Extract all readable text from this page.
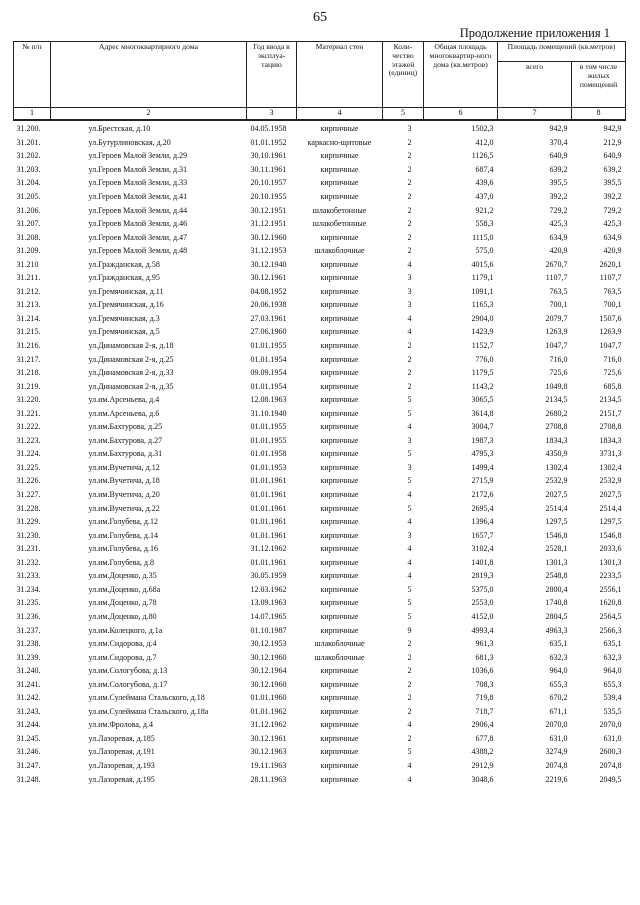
65
Продолжение приложения 1
№ п/п	Адрес многоквартирного дома	Год ввода в эксплуа-тацию	Материал стен	Коли-чество этажей (единиц)	Общая площадь многоквартир-ного дома (кв.метров)	Площадь помещений (кв.метров)	
						всего	в том числе жилых помещений
1	2	3	4	5	6	7	8
31.200.	ул.Брестская, д.10	04.05.1958	кирпичные	3	1502,3	942,9	942,9
31.201.	ул.Бутурлиновская, д.20	01.01.1952	каркасно-щитовые	2	412,0	370,4	212,9
31.202.	ул.Героев Малой Земли, д.29	30.10.1961	кирпичные	2	1126,5	640,9	640,9
31.203.	ул.Героев Малой Земли, д.31	30.11.1961	кирпичные	2	687,4	639,2	639,2
31.204.	ул.Героев Малой Земли, д.33	20.10.1957	кирпичные	2	439,6	395,5	395,5
31.205.	ул.Героев Малой Земли, д.41	20.10.1955	кирпичные	2	437,0	392,2	392,2
31.206.	ул.Героев Малой Земли, д.44	30.12.1951	шлакобетонные	2	921,2	729,2	729,2
31.207.	ул.Героев Малой Земли, д.46	31.12.1951	шлакобетонные	2	558,3	425,3	425,3
31.208.	ул.Героев Малой Земли, д.47	30.12.1960	кирпичные	2	1115,0	634,9	634,9
31.209.	ул.Героев Малой Земли, д.48	31.12.1953	шлакоблочные	2	575,0	420,9	420,9
31.210	ул.Гражданская, д.58	30.12.1940	кирпичные	4	4015,6	2670,7	2620,1
31.211.	ул.Гражданская, д.95	30.12.1961	кирпичные	3	1179,1	1107,7	1107,7
31.212.	ул.Гремячинская, д.11	04.08.1952	кирпичные	3	1091,1	763,5	763,5
31.213.	ул.Гремячинская, д.16	20.06.1938	кирпичные	3	1165,3	700,1	700,1
31.214.	ул.Гремячинская, д.3	27.03.1961	кирпичные	4	2904,0	2079,7	1507,6
31.215.	ул.Гремячинская, д.5	27.06.1960	кирпичные	4	1423,9	1263,9	1263,9
31.216.	ул.Динамовская 2-я, д.18	01.01.1955	кирпичные	2	1152,7	1047,7	1047,7
31.217.	ул.Динамовская 2-я, д.25	01.01.1954	кирпичные	2	776,0	716,0	716,0
31.218.	ул.Динамовская 2-я, д.33	09.09.1954	кирпичные	2	1179,5	725,6	725,6
31.219.	ул.Динамовская 2-я, д.35	01.01.1954	кирпичные	2	1143,2	1049,8	685,8
31.220.	ул.им.Арсеньева, д.4	12.08.1963	кирпичные	5	3065,5	2134,5	2134,5
31.221.	ул.им.Арсеньева, д.6	31.10.1940	кирпичные	5	3614,8	2680,2	2151,7
31.222.	ул.им.Бахтурова, д.25	01.01.1955	кирпичные	4	3004,7	2708,8	2708,8
31.223.	ул.им.Бахтурова, д.27	01.01.1955	кирпичные	3	1987,3	1834,3	1834,3
31.224.	ул.им.Бахтурова, д.31	01.01.1958	кирпичные	5	4795,3	4350,9	3731,3
31.225.	ул.им.Вучетича, д.12	01.01.1953	кирпичные	3	1499,4	1302,4	1302,4
31.226.	ул.им.Вучетича, д.18	01.01.1961	кирпичные	5	2715,9	2532,9	2532,9
31.227.	ул.им.Вучетича, д.20	01.01.1961	кирпичные	4	2172,6	2027,5	2027,5
31.228.	ул.им.Вучетича, д.22	01.01.1961	кирпичные	5	2695,4	2514,4	2514,4
31.229.	ул.им.Голубева, д.12	01.01.1961	кирпичные	4	1396,4	1297,5	1297,5
31.230.	ул.им.Голубева, д.14	01.01.1961	кирпичные	3	1657,7	1546,8	1546,8
31.231.	ул.им.Голубева, д.16	31.12.1962	кирпичные	4	3102,4	2528,1	2033,6
31.232.	ул.им.Голубева, д.8	01.01.1961	кирпичные	4	1401,8	1301,3	1301,3
31.233.	ул.им.Доценко, д.35	30.05.1959	кирпичные	4	2819,3	2548,8	2233,5
31.234.	ул.им.Доценко, д.68а	12.03.1962	кирпичные	5	5375,0	2800,4	2556,1
31.235.	ул.им.Доценко, д.78	13.09.1963	кирпичные	5	2553,0	1740,8	1620,8
31.236.	ул.им.Доценко, д.80	14.07.1965	кирпичные	5	4152,0	2804,5	2564,5
31.237.	ул.им.Колецкого, д.1а	01.10.1987	кирпичные	9	4993,4	4963,3	2566,3
31.238.	ул.им.Сидорова, д.4	30.12.1953	шлакоблочные	2	961,3	635,1	635,1
31.239.	ул.им.Сидорова, д.7	30.12.1960	шлакоблочные	2	681,3	632,3	632,3
31.240.	ул.им.Сологубова, д.13	30.12.1964	кирпичные	2	1036,6	964,0	964,0
31.241.	ул.им.Сологубова, д.17	30.12.1960	кирпичные	2	708,3	655,3	655,3
31.242.	ул.им.Сулеймана Стальского, д.18	01.01.1960	кирпичные	2	719,8	670,2	539,4
31.243.	ул.им.Сулеймана Стальского, д.18а	01.01.1962	кирпичные	2	718,7	671,1	535,5
31.244.	ул.им.Фролова, д.4	31.12.1962	кирпичные	4	2906,4	2070,0	2070,0
31.245.	ул.Лазоревая, д.185	30.12.1961	кирпичные	2	677,8	631,0	631,0
31.246.	ул.Лазоревая, д.191	30.12.1963	кирпичные	5	4388,2	3274,9	2600,3
31.247.	ул.Лазоревая, д.193	19.11.1963	кирпичные	4	2912,9	2074,8	2074,8
31.248.	ул.Лазоревая, д.195	28.11.1963	кирпичные	4	3048,6	2219,6	2049,5
